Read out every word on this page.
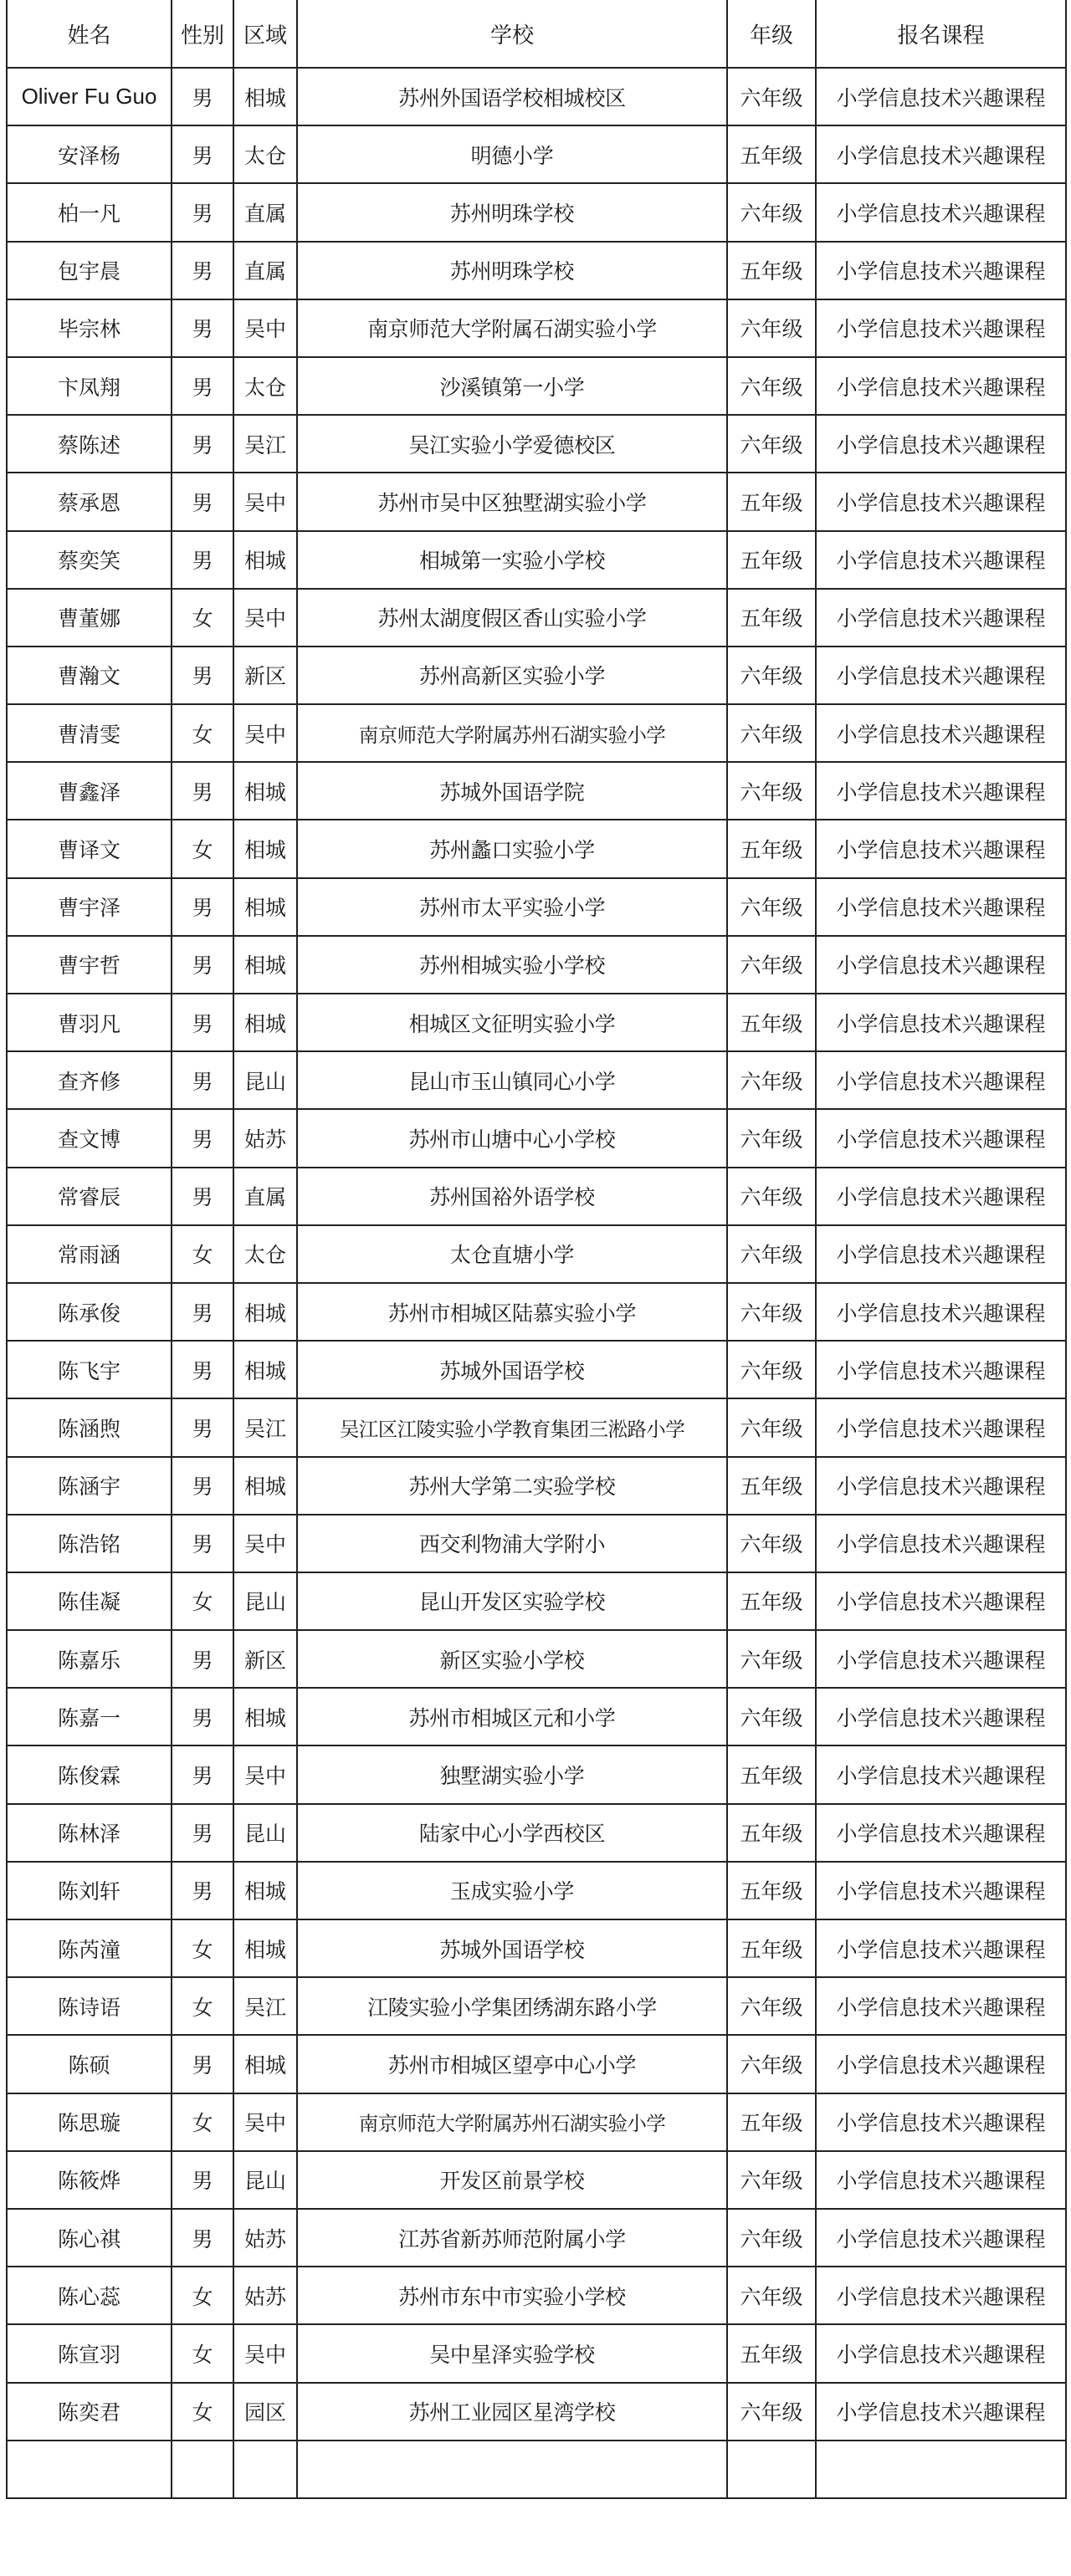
姓名	性别	区域	学校	年级	报名课程
Oliver Fu Guo	男	相城	苏州外国语学校相城校区	六年级	小学信息技术兴趣课程
安泽杨	男	太仓	明德小学	五年级	小学信息技术兴趣课程
柏一凡	男	直属	苏州明珠学校	六年级	小学信息技术兴趣课程
包宇晨	男	直属	苏州明珠学校	五年级	小学信息技术兴趣课程
毕宗林	男	吴中	南京师范大学附属石湖实验小学	六年级	小学信息技术兴趣课程
卞凤翔	男	太仓	沙溪镇第一小学	六年级	小学信息技术兴趣课程
蔡陈述	男	吴江	吴江实验小学爱德校区	六年级	小学信息技术兴趣课程
蔡承恩	男	吴中	苏州市吴中区独墅湖实验小学	五年级	小学信息技术兴趣课程
蔡奕笑	男	相城	相城第一实验小学校	五年级	小学信息技术兴趣课程
曹董娜	女	吴中	苏州太湖度假区香山实验小学	五年级	小学信息技术兴趣课程
曹瀚文	男	新区	苏州高新区实验小学	六年级	小学信息技术兴趣课程
曹清雯	女	吴中	南京师范大学附属苏州石湖实验小学	六年级	小学信息技术兴趣课程
曹鑫泽	男	相城	苏城外国语学院	六年级	小学信息技术兴趣课程
曹译文	女	相城	苏州蠡口实验小学	五年级	小学信息技术兴趣课程
曹宇泽	男	相城	苏州市太平实验小学	六年级	小学信息技术兴趣课程
曹宇哲	男	相城	苏州相城实验小学校	六年级	小学信息技术兴趣课程
曹羽凡	男	相城	相城区文征明实验小学	五年级	小学信息技术兴趣课程
查齐修	男	昆山	昆山市玉山镇同心小学	六年级	小学信息技术兴趣课程
查文博	男	姑苏	苏州市山塘中心小学校	六年级	小学信息技术兴趣课程
常睿辰	男	直属	苏州国裕外语学校	六年级	小学信息技术兴趣课程
常雨涵	女	太仓	太仓直塘小学	六年级	小学信息技术兴趣课程
陈承俊	男	相城	苏州市相城区陆慕实验小学	六年级	小学信息技术兴趣课程
陈飞宇	男	相城	苏城外国语学校	六年级	小学信息技术兴趣课程
陈涵煦	男	吴江	吴江区江陵实验小学教育集团三淞路小学	六年级	小学信息技术兴趣课程
陈涵宇	男	相城	苏州大学第二实验学校	五年级	小学信息技术兴趣课程
陈浩铭	男	吴中	西交利物浦大学附小	六年级	小学信息技术兴趣课程
陈佳凝	女	昆山	昆山开发区实验学校	五年级	小学信息技术兴趣课程
陈嘉乐	男	新区	新区实验小学校	六年级	小学信息技术兴趣课程
陈嘉一	男	相城	苏州市相城区元和小学	六年级	小学信息技术兴趣课程
陈俊霖	男	吴中	独墅湖实验小学	五年级	小学信息技术兴趣课程
陈林泽	男	昆山	陆家中心小学西校区	五年级	小学信息技术兴趣课程
陈刘轩	男	相城	玉成实验小学	五年级	小学信息技术兴趣课程
陈芮潼	女	相城	苏城外国语学校	五年级	小学信息技术兴趣课程
陈诗语	女	吴江	江陵实验小学集团绣湖东路小学	六年级	小学信息技术兴趣课程
陈硕	男	相城	苏州市相城区望亭中心小学	六年级	小学信息技术兴趣课程
陈思璇	女	吴中	南京师范大学附属苏州石湖实验小学	五年级	小学信息技术兴趣课程
陈筱烨	男	昆山	开发区前景学校	六年级	小学信息技术兴趣课程
陈心祺	男	姑苏	江苏省新苏师范附属小学	六年级	小学信息技术兴趣课程
陈心蕊	女	姑苏	苏州市东中市实验小学校	六年级	小学信息技术兴趣课程
陈宣羽	女	吴中	吴中星泽实验学校	五年级	小学信息技术兴趣课程
陈奕君	女	园区	苏州工业园区星湾学校	六年级	小学信息技术兴趣课程
